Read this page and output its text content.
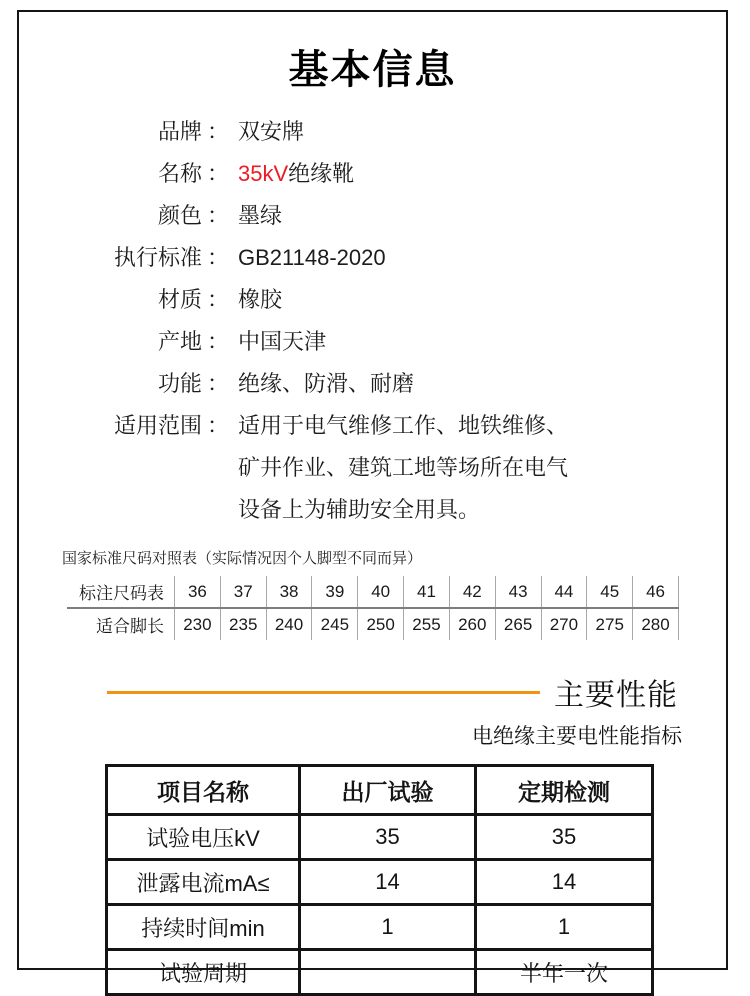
基本信息
品牌 ： 双安牌
名称 ： 35kV绝缘靴
颜色 ： 墨绿
执行标准 ： GB21148-2020
材质 ： 橡胶
产地 ： 中国天津
功能 ： 绝缘、防滑、耐磨
适用范围 ： 适用于电气维修工作、地铁维修、
矿井作业、建筑工地等场所在电气
设备上为辅助安全用具。
国家标准尺码对照表（实际情况因个人脚型不同而异）
标注尺码表	36	37	38	39	40	41	42	43	44	45	46
适合脚长	230	235	240	245	250	255	260	265	270	275	280
主要性能
电绝缘主要电性能指标
项目名称	出厂试验	定期检测
试验电压kV	35	35
泄露电流mA≤	14	14
持续时间min	1	1
试验周期		半年一次
